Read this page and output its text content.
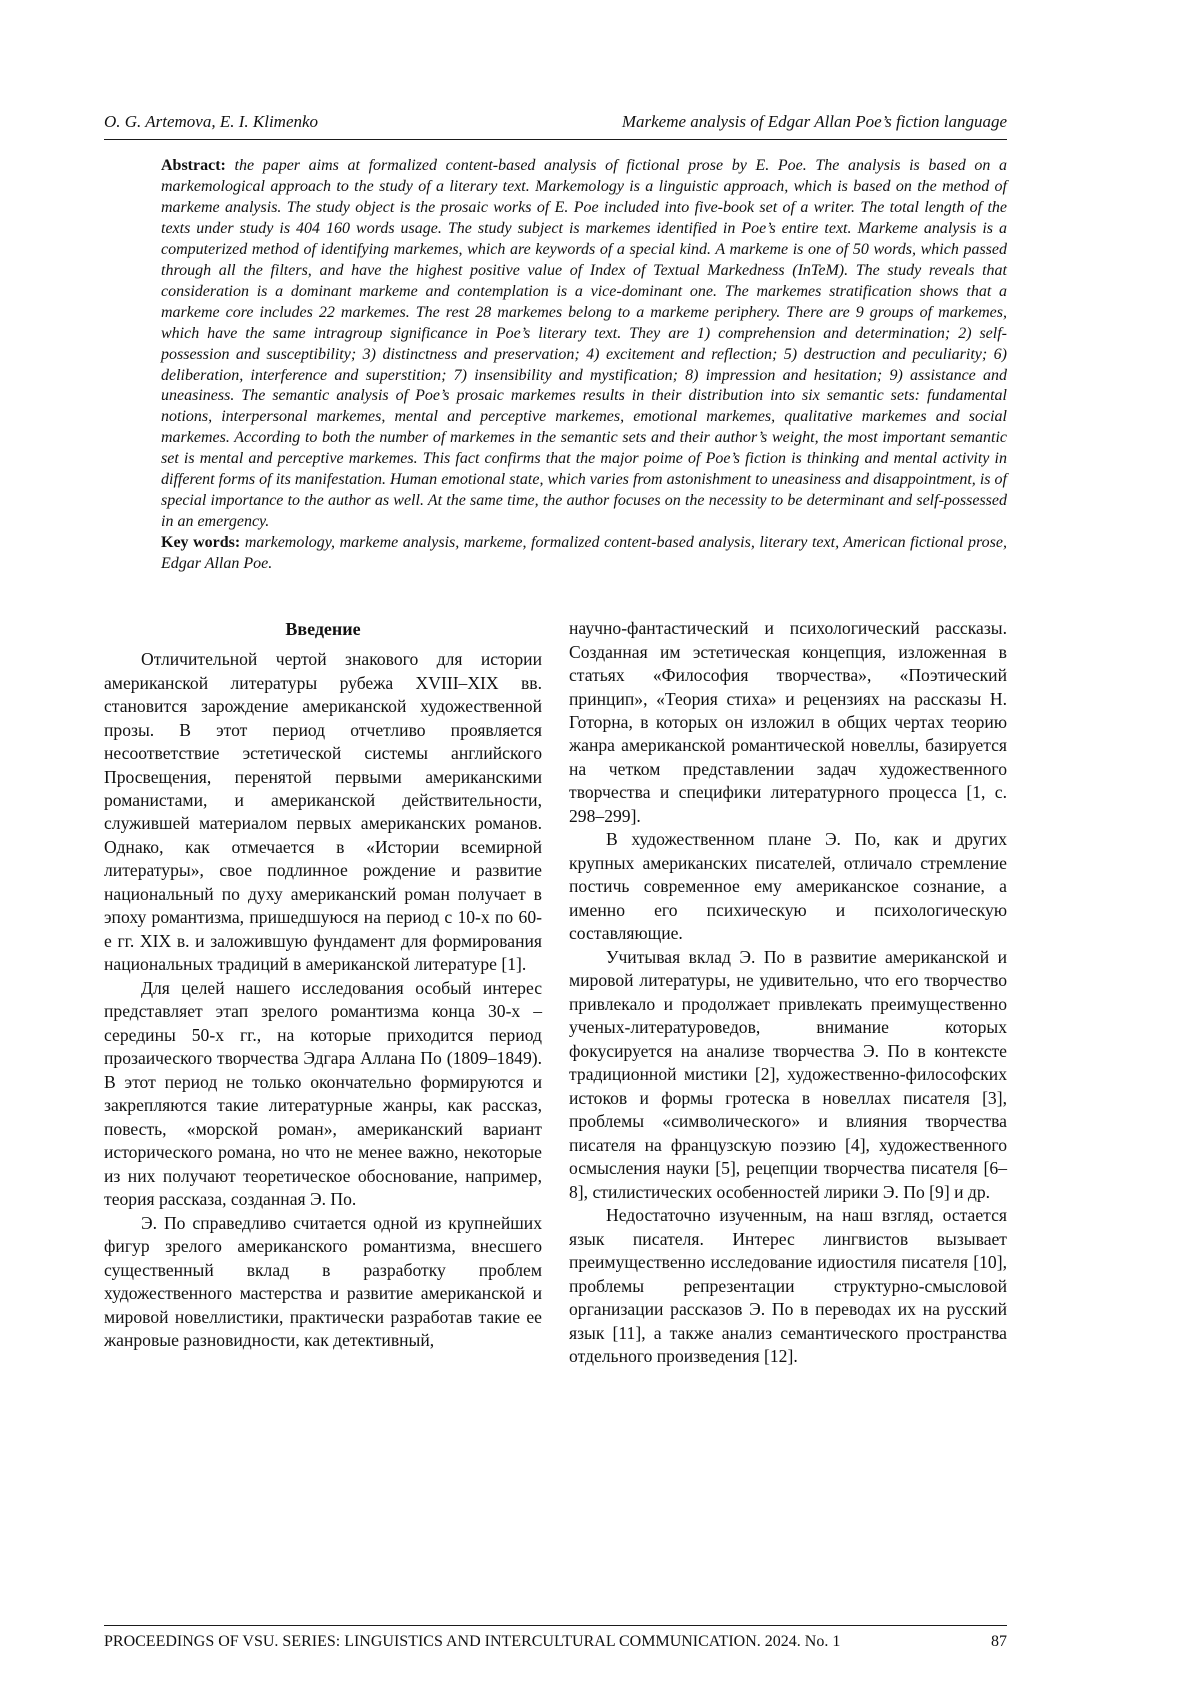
O. G. Artemova, E. I. Klimenko	Markeme analysis of Edgar Allan Poe’s fiction language

Abstract: the paper aims at formalized content-based analysis of fictional prose by E. Poe. The analysis is based on a markemological approach to the study of a literary text. Markemology is a linguistic approach, which is based on the method of markeme analysis. The study object is the prosaic works of E. Poe included into five-book set of a writer. The total length of the texts under study is 404 160 words usage. The study subject is markemes identified in Poe’s entire text. Markeme analysis is a computerized method of identifying markemes, which are keywords of a special kind. A markeme is one of 50 words, which passed through all the filters, and have the highest positive value of Index of Textual Markedness (InTeM). The study reveals that consideration is a dominant markeme and contemplation is a vice-dominant one. The markemes stratification shows that a markeme core includes 22 markemes. The rest 28 markemes belong to a markeme periphery. There are 9 groups of markemes, which have the same intragroup significance in Poe’s literary text. They are 1) comprehension and determination; 2) self-possession and susceptibility; 3) distinctness and preservation; 4) excitement and reflection; 5) destruction and peculiarity; 6) deliberation, interference and superstition; 7) insensibility and mystification; 8) impression and hesitation; 9) assistance and uneasiness. The semantic analysis of Poe’s prosaic markemes results in their distribution into six semantic sets: fundamental notions, interpersonal markemes, mental and perceptive markemes, emotional markemes, qualitative markemes and social markemes. According to both the number of markemes in the semantic sets and their author’s weight, the most important semantic set is mental and perceptive markemes. This fact confirms that the major poime of Poe’s fiction is thinking and mental activity in different forms of its manifestation. Human emotional state, which varies from astonishment to uneasiness and disappointment, is of special importance to the author as well. At the same time, the author focuses on the necessity to be determinant and self-possessed in an emergency.

Key words: markemology, markeme analysis, markeme, formalized content-based analysis, literary text, American fictional prose, Edgar Allan Poe.

Введение

Отличительной чертой знакового для истории американской литературы рубежа XVIII–XIX вв. становится зарождение американской художественной прозы. В этот период отчетливо проявляется несоответствие эстетической системы английского Просвещения, перенятой первыми американскими романистами, и американской действительности, служившей материалом первых американских романов. Однако, как отмечается в «Истории всемирной литературы», свое подлинное рождение и развитие национальный по духу американский роман получает в эпоху романтизма, пришедшуюся на период с 10-х по 60-е гг. XIX в. и заложившую фундамент для формирования национальных традиций в американской литературе [1].

Для целей нашего исследования особый интерес представляет этап зрелого романтизма конца 30-х – середины 50-х гг., на которые приходится период прозаического творчества Эдгара Аллана По (1809–1849). В этот период не только окончательно формируются и закрепляются такие литературные жанры, как рассказ, повесть, «морской роман», американский вариант исторического романа, но что не менее важно, некоторые из них получают теоретическое обоснование, например, теория рассказа, созданная Э. По.

Э. По справедливо считается одной из крупнейших фигур зрелого американского романтизма, внесшего существенный вклад в разработку проблем художественного мастерства и развитие американской и мировой новеллистики, практически разработав такие ее жанровые разновидности, как детективный,

научно-фантастический и психологический рассказы. Созданная им эстетическая концепция, изложенная в статьях «Философия творчества», «Поэтический принцип», «Теория стиха» и рецензиях на рассказы Н. Готорна, в которых он изложил в общих чертах теорию жанра американской романтической новеллы, базируется на четком представлении задач художественного творчества и специфики литературного процесса [1, с. 298–299].

В художественном плане Э. По, как и других крупных американских писателей, отличало стремление постичь современное ему американское сознание, а именно его психическую и психологическую составляющие.

Учитывая вклад Э. По в развитие американской и мировой литературы, не удивительно, что его творчество привлекало и продолжает привлекать преимущественно ученых-литературоведов, внимание которых фокусируется на анализе творчества Э. По в контексте традиционной мистики [2], художественно-философских истоков и формы гротеска в новеллах писателя [3], проблемы «символического» и влияния творчества писателя на французскую поэзию [4], художественного осмысления науки [5], рецепции творчества писателя [6–8], стилистических особенностей лирики Э. По [9] и др.

Недостаточно изученным, на наш взгляд, остается язык писателя. Интерес лингвистов вызывает преимущественно исследование идиостиля писателя [10], проблемы репрезентации структурно-смысловой организации рассказов Э. По в переводах их на русский язык [11], а также анализ семантического пространства отдельного произведения [12].

PROCEEDINGS OF VSU. SERIES: LINGUISTICS AND INTERCULTURAL COMMUNICATION. 2024. No. 1	87
